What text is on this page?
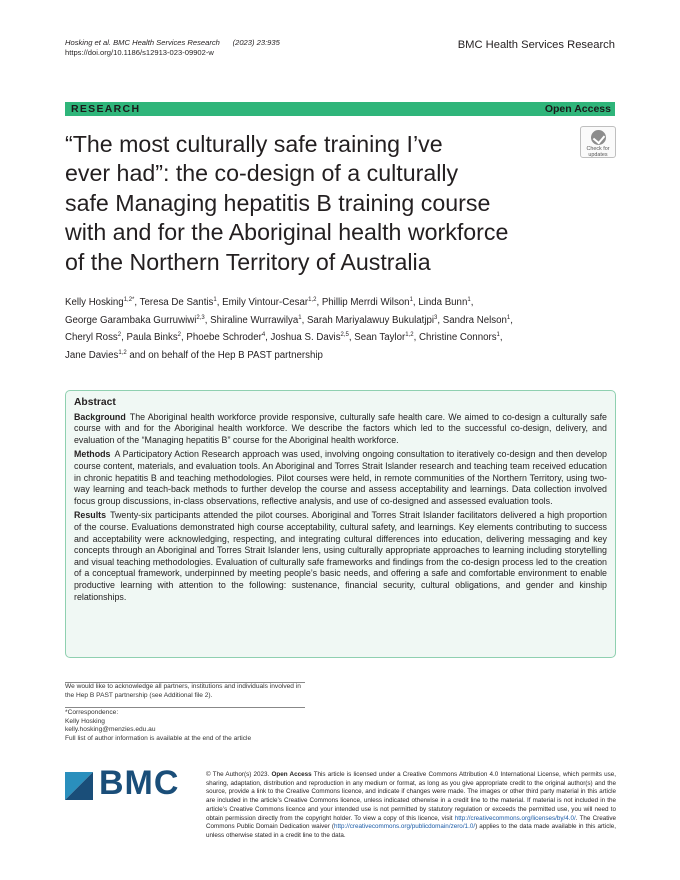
Hosking et al. BMC Health Services Research (2023) 23:935
https://doi.org/10.1186/s12913-023-09902-w
BMC Health Services Research
RESEARCH	Open Access
Check for updates
“The most culturally safe training I’ve
ever had”: the co-design of a culturally
safe Managing hepatitis B training course
with and for the Aboriginal health workforce
of the Northern Territory of Australia
Kelly Hosking$^{1,2*}$, Teresa De Santis$^1$, Emily Vintour-Cesar$^{1,2}$, Phillip Merrdi Wilson$^1$, Linda Bunn$^1$,
George Garambaka Gurruwiwi$^{2,3}$, Shiraline Wurrawilya$^1$, Sarah Mariyalawuy Bukulatjpi$^3$, Sandra Nelson$^1$,
Cheryl Ross$^2$, Paula Binks$^2$, Phoebe Schroder$^4$, Joshua S. Davis$^{2,5}$, Sean Taylor$^{1,2}$, Christine Connors$^1$,
Jane Davies$^{1,2}$ and on behalf of the Hep B PAST partnership
Abstract
Background The Aboriginal health workforce provide responsive, culturally safe health care. We aimed to co-design a culturally safe course with and for the Aboriginal health workforce. We describe the factors which led to the successful co-design, delivery, and evaluation of the “Managing hepatitis B” course for the Aboriginal health workforce.
Methods A Participatory Action Research approach was used, involving ongoing consultation to iteratively co-design and then develop course content, materials, and evaluation tools. An Aboriginal and Torres Strait Islander research and teaching team received education in chronic hepatitis B and teaching methodologies. Pilot courses were held, in remote communities of the Northern Territory, using two-way learning and teach-back methods to further develop the course and assess acceptability and learnings. Data collection involved focus group discussions, in-class observations, reflective analysis, and use of co-designed and assessed evaluation tools.
Results Twenty-six participants attended the pilot courses. Aboriginal and Torres Strait Islander facilitators delivered a high proportion of the course. Evaluations demonstrated high course acceptability, cultural safety, and learnings. Key elements contributing to success and acceptability were acknowledging, respecting, and integrating cultural differences into education, delivering messaging and key concepts through an Aboriginal and Torres Strait Islander lens, using culturally appropriate approaches to learning including storytelling and visual teaching methodologies. Evaluation of culturally safe frameworks and findings from the co-design process led to the creation of a conceptual framework, underpinned by meeting people’s basic needs, and offering a safe and comfortable environment to enable productive learning with attention to the following: sustenance, financial security, cultural obligations, and gender and kinship relationships.
We would like to acknowledge all partners, institutions and individuals involved in the Hep B PAST partnership (see Additional file 2).
*Correspondence:
Kelly Hosking
kelly.hosking@menzies.edu.au
Full list of author information is available at the end of the article
BMC	© The Author(s) 2023. Open Access This article is licensed under a Creative Commons Attribution 4.0 International License, which permits use, sharing, adaptation, distribution and reproduction in any medium or format, as long as you give appropriate credit to the original author(s) and the source, provide a link to the Creative Commons licence, and indicate if changes were made. The images or other third party material in this article are included in the article’s Creative Commons licence, unless indicated otherwise in a credit line to the material. If material is not included in the article’s Creative Commons licence and your intended use is not permitted by statutory regulation or exceeds the permitted use, you will need to obtain permission directly from the copyright holder. To view a copy of this licence, visit http://creativecommons.org/licenses/by/4.0/. The Creative Commons Public Domain Dedication waiver (http://creativecommons.org/publicdomain/zero/1.0/) applies to the data made available in this article, unless otherwise stated in a credit line to the data.
